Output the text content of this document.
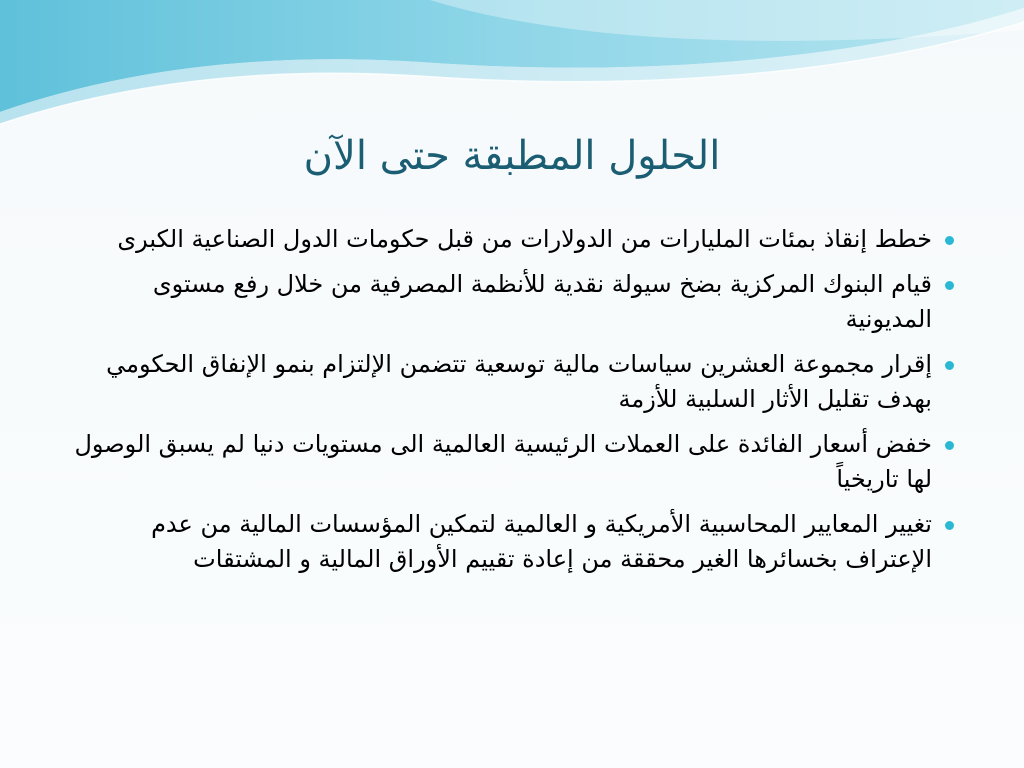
الحلول المطبقة حتى الآن
خطط إنقاذ بمئات المليارات من الدولارات من قبل حكومات الدول الصناعية الكبرى
قيام البنوك المركزية بضخ سيولة نقدية للأنظمة المصرفية من خلال رفع مستوى المديونية
إقرار مجموعة العشرين سياسات مالية توسعية تتضمن الإلتزام بنمو الإنفاق الحكومي بهدف تقليل الأثار السلبية للأزمة
خفض أسعار الفائدة على العملات الرئيسية العالمية الى مستويات دنيا لم يسبق الوصول لها تاريخياً
تغيير المعايير المحاسبية الأمريكية و العالمية لتمكين المؤسسات المالية من عدم الإعتراف بخسائرها الغير محققة من إعادة تقييم الأوراق المالية و المشتقات
